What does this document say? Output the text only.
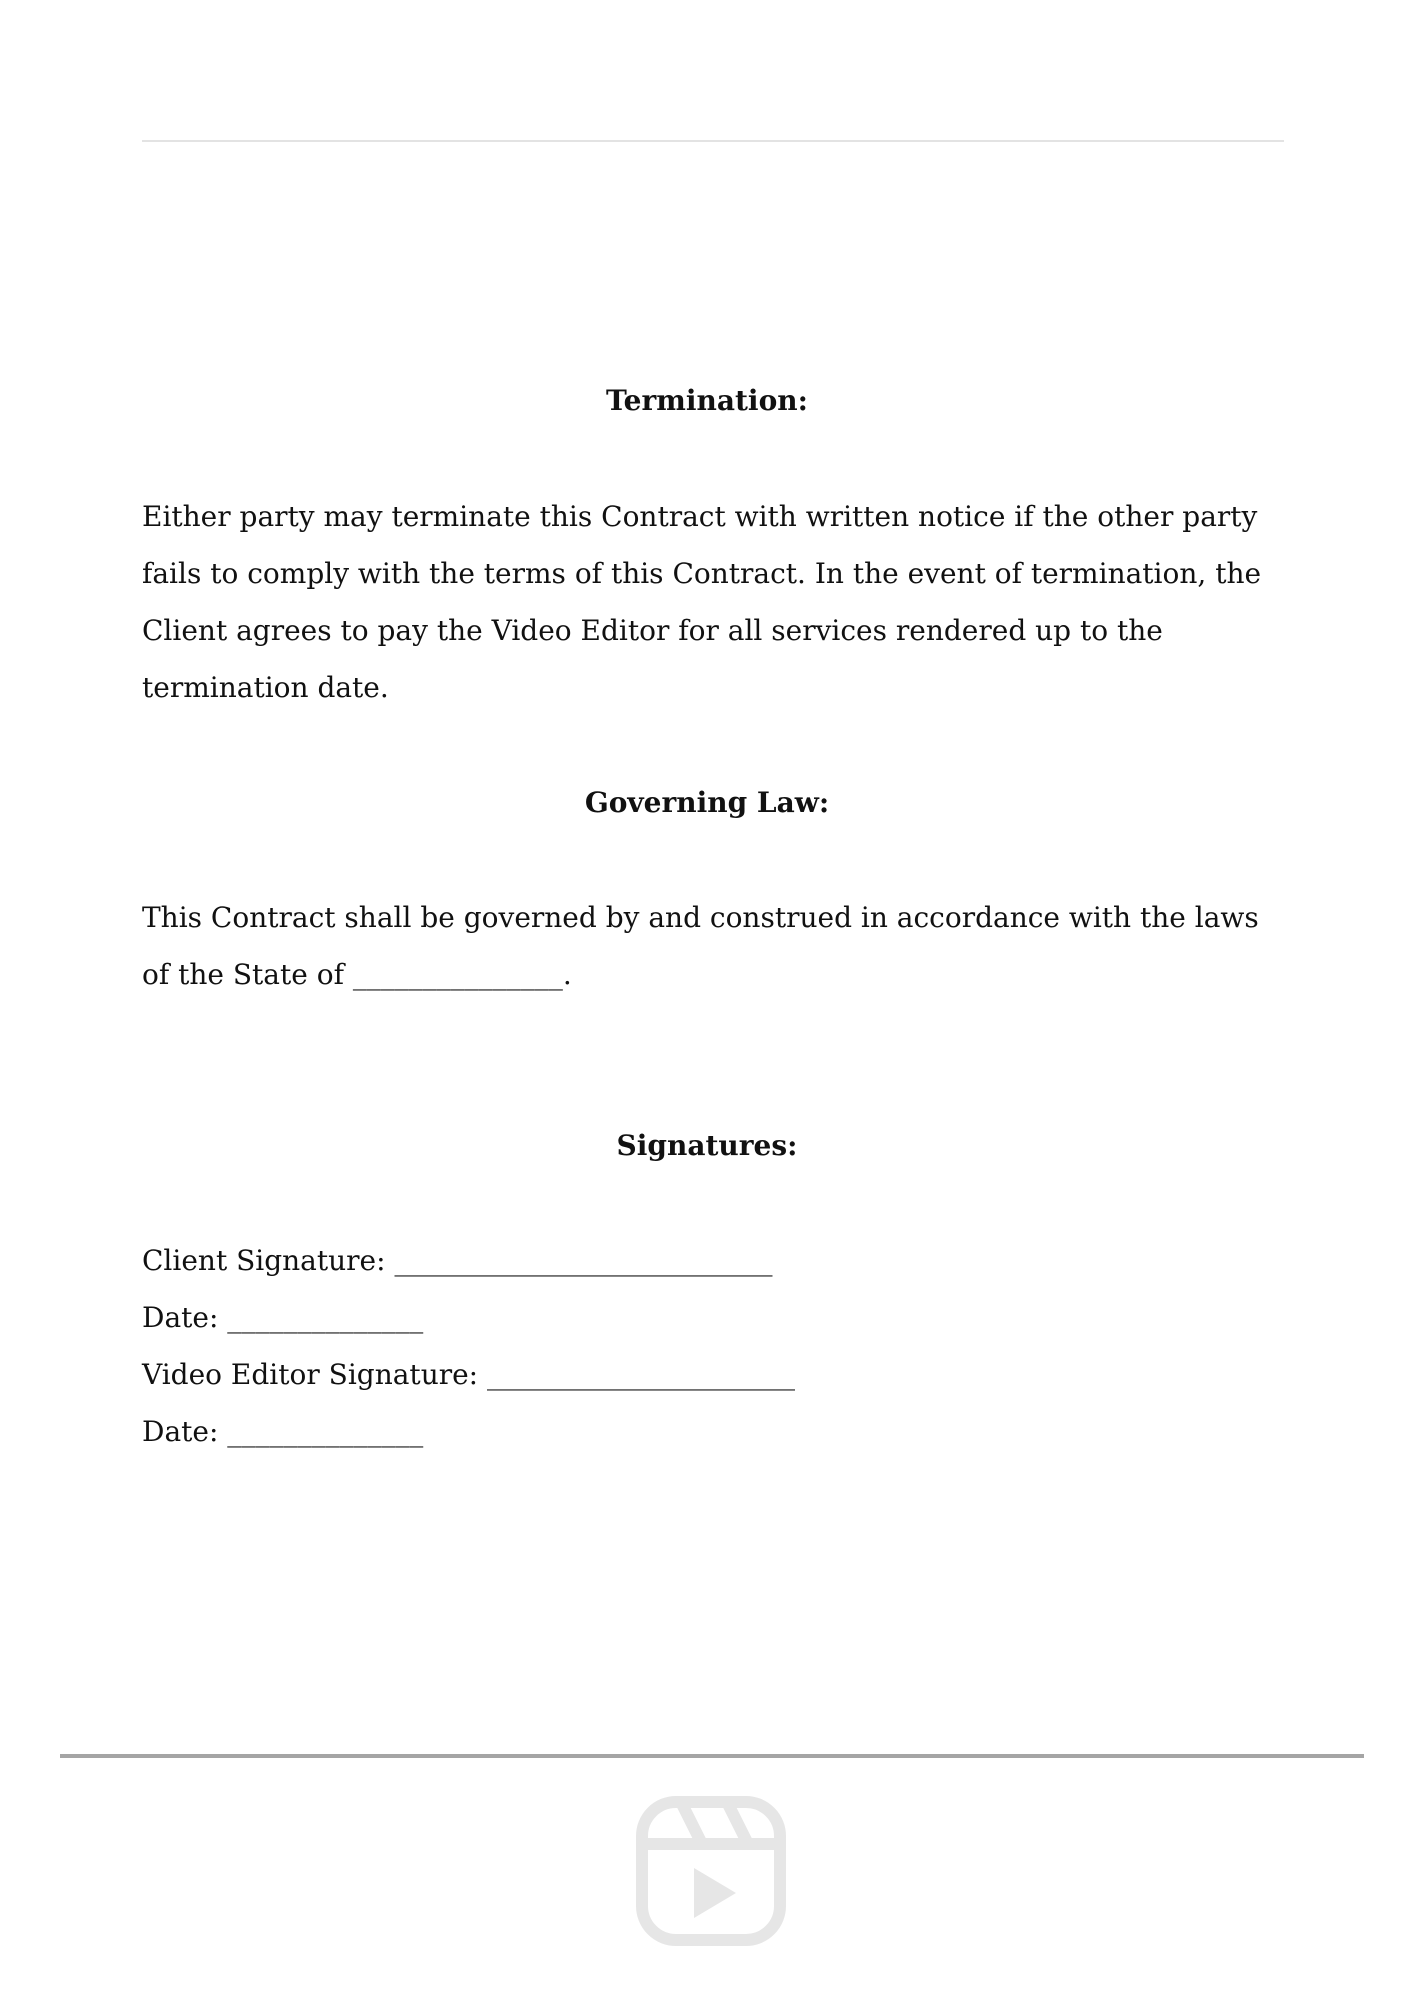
Termination:

Either party may terminate this Contract with written notice if the other party fails to comply with the terms of this Contract. In the event of termination, the Client agrees to pay the Video Editor for all services rendered up to the termination date.

Governing Law:

This Contract shall be governed by and construed in accordance with the laws of the State of _______________.

Signatures:

Client Signature: ___________________________

Date: ______________

Video Editor Signature: ______________________

Date: ______________
